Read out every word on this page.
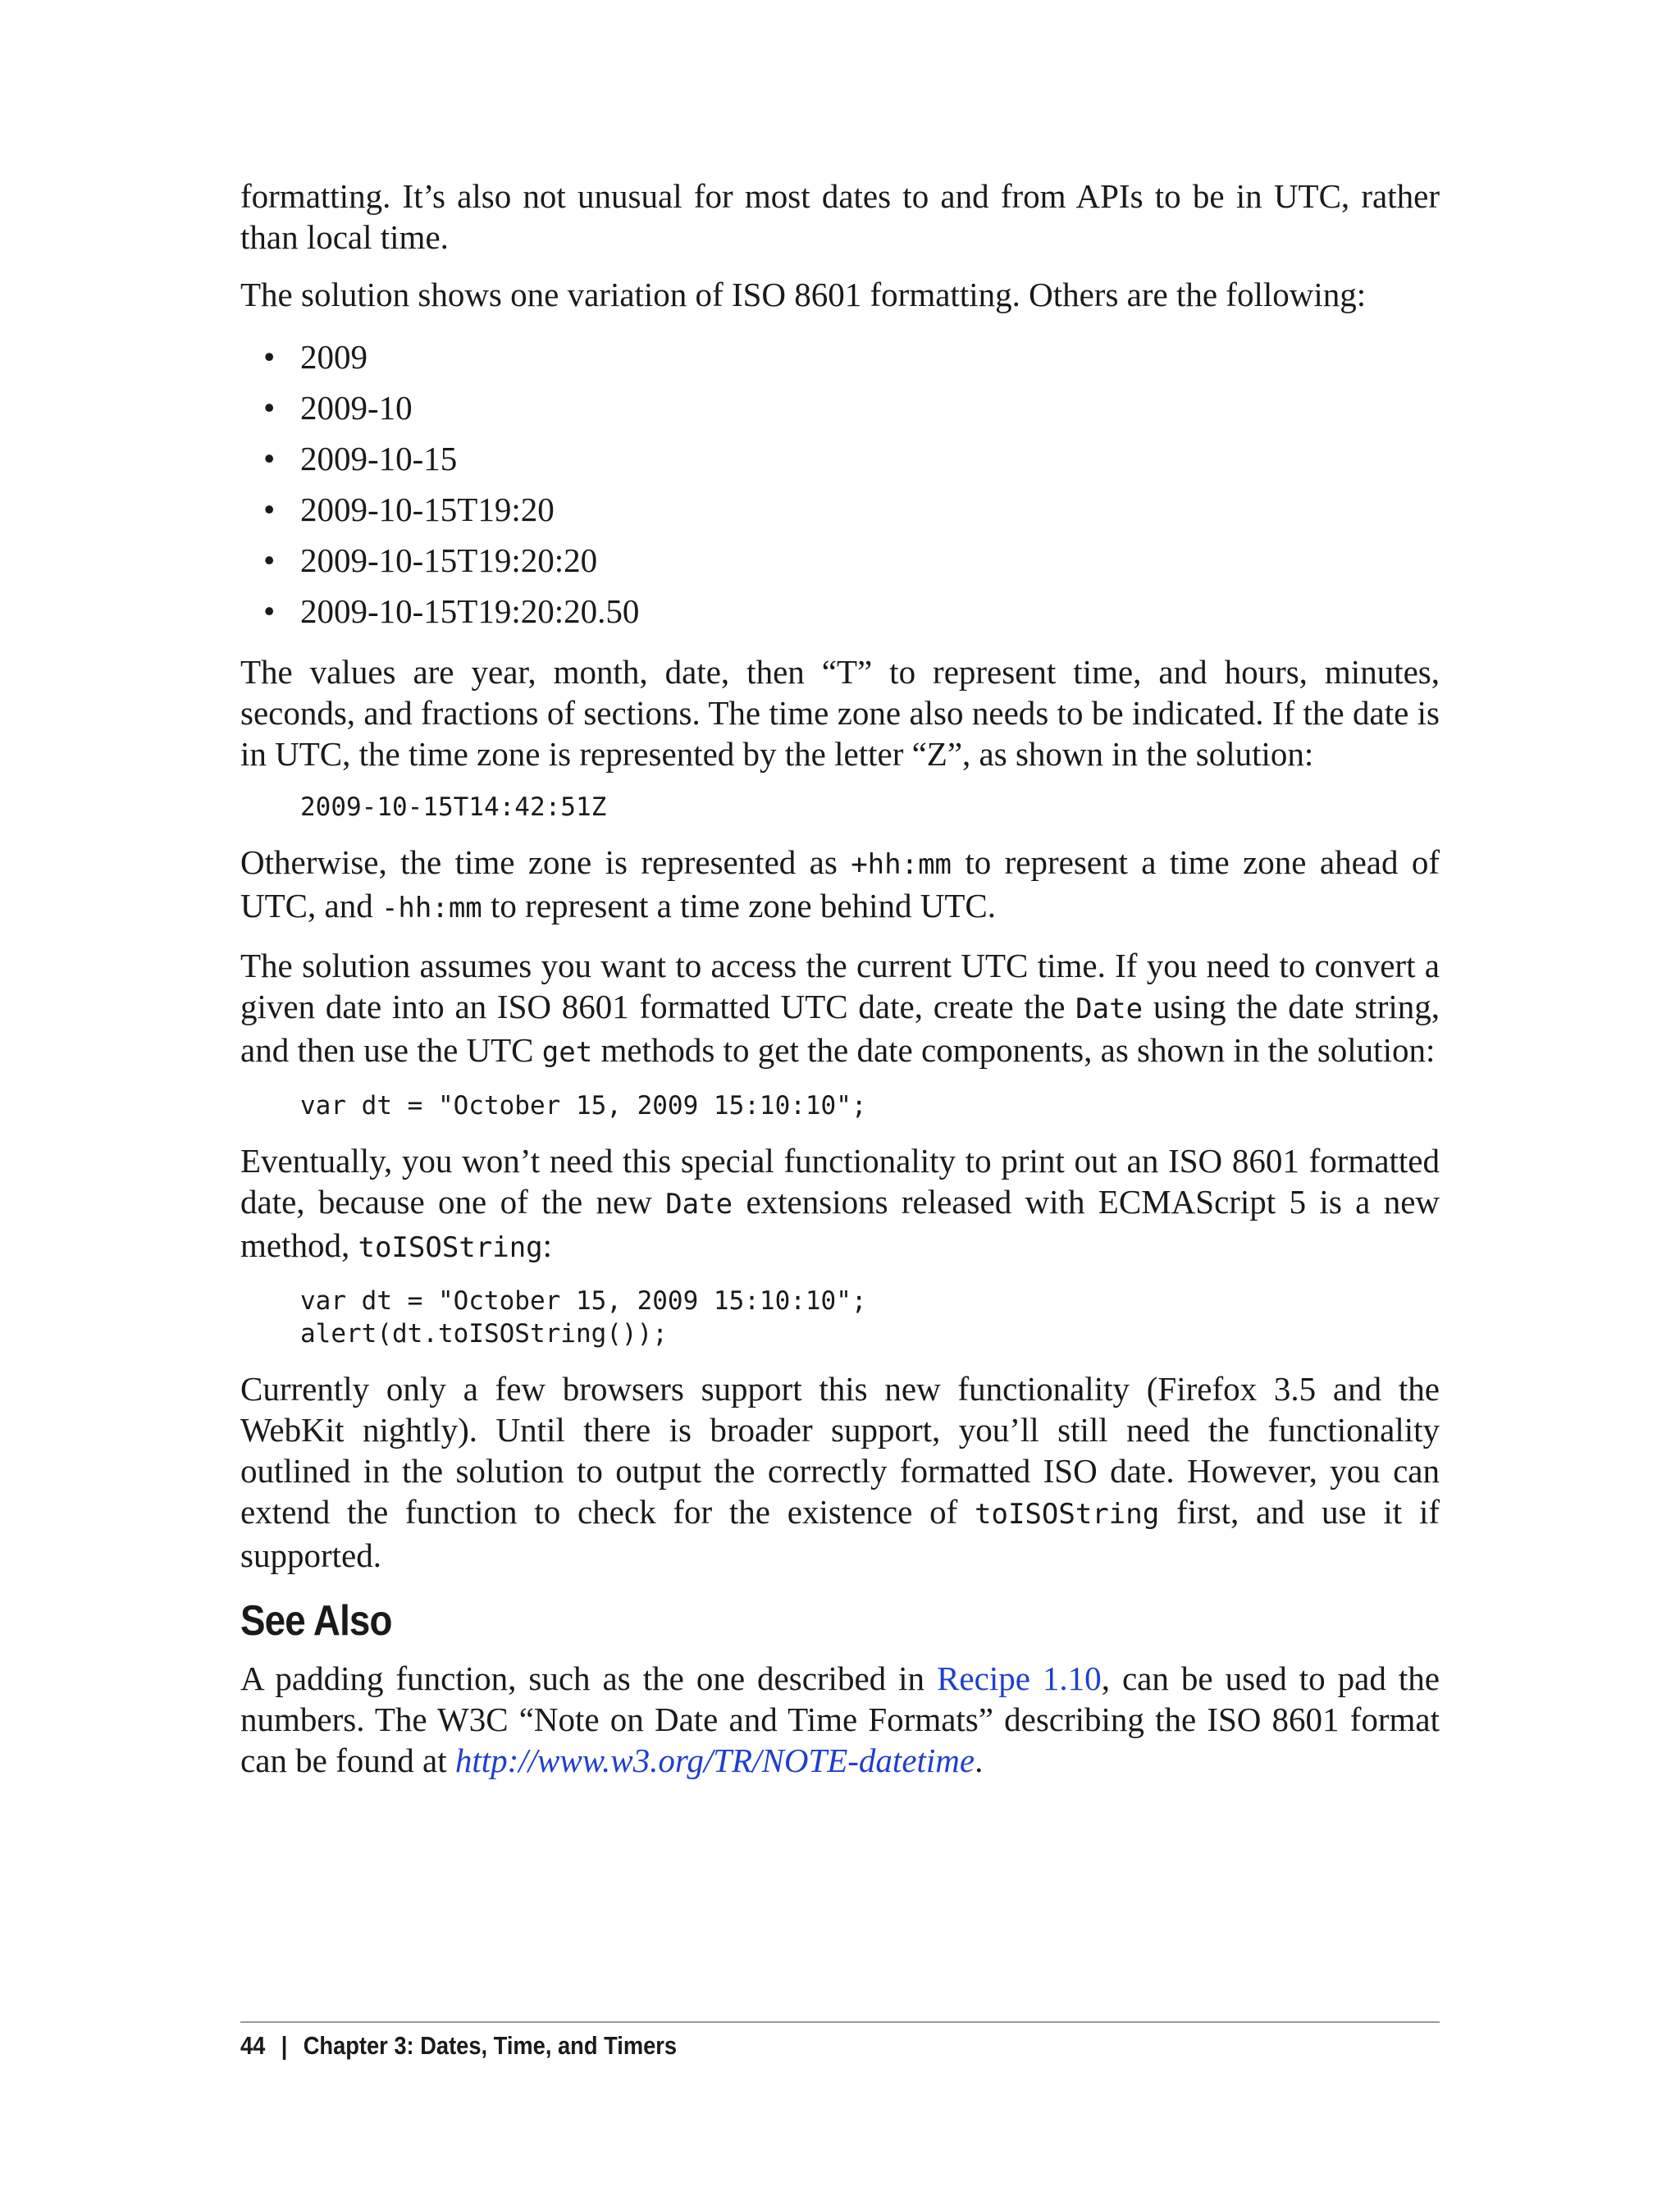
formatting. It’s also not unusual for most dates to and from APIs to be in UTC, rather than local time.

The solution shows one variation of ISO 8601 formatting. Others are the following:

• 2009
• 2009-10
• 2009-10-15
• 2009-10-15T19:20
• 2009-10-15T19:20:20
• 2009-10-15T19:20:20.50

The values are year, month, date, then “T” to represent time, and hours, minutes, seconds, and fractions of sections. The time zone also needs to be indicated. If the date is in UTC, the time zone is represented by the letter “Z”, as shown in the solution:

2009-10-15T14:42:51Z

Otherwise, the time zone is represented as +hh:mm to represent a time zone ahead of UTC, and -hh:mm to represent a time zone behind UTC.

The solution assumes you want to access the current UTC time. If you need to convert a given date into an ISO 8601 formatted UTC date, create the Date using the date string, and then use the UTC get methods to get the date components, as shown in the solution:

var dt = "October 15, 2009 15:10:10";

Eventually, you won’t need this special functionality to print out an ISO 8601 formatted date, because one of the new Date extensions released with ECMAScript 5 is a new method, toISOString:

var dt = "October 15, 2009 15:10:10";
alert(dt.toISOString());

Currently only a few browsers support this new functionality (Firefox 3.5 and the WebKit nightly). Until there is broader support, you’ll still need the functionality outlined in the solution to output the correctly formatted ISO date. However, you can extend the function to check for the existence of toISOString first, and use it if supported.

See Also

A padding function, such as the one described in Recipe 1.10, can be used to pad the numbers. The W3C “Note on Date and Time Formats” describing the ISO 8601 format can be found at http://www.w3.org/TR/NOTE-datetime.

44 | Chapter 3: Dates, Time, and Timers
